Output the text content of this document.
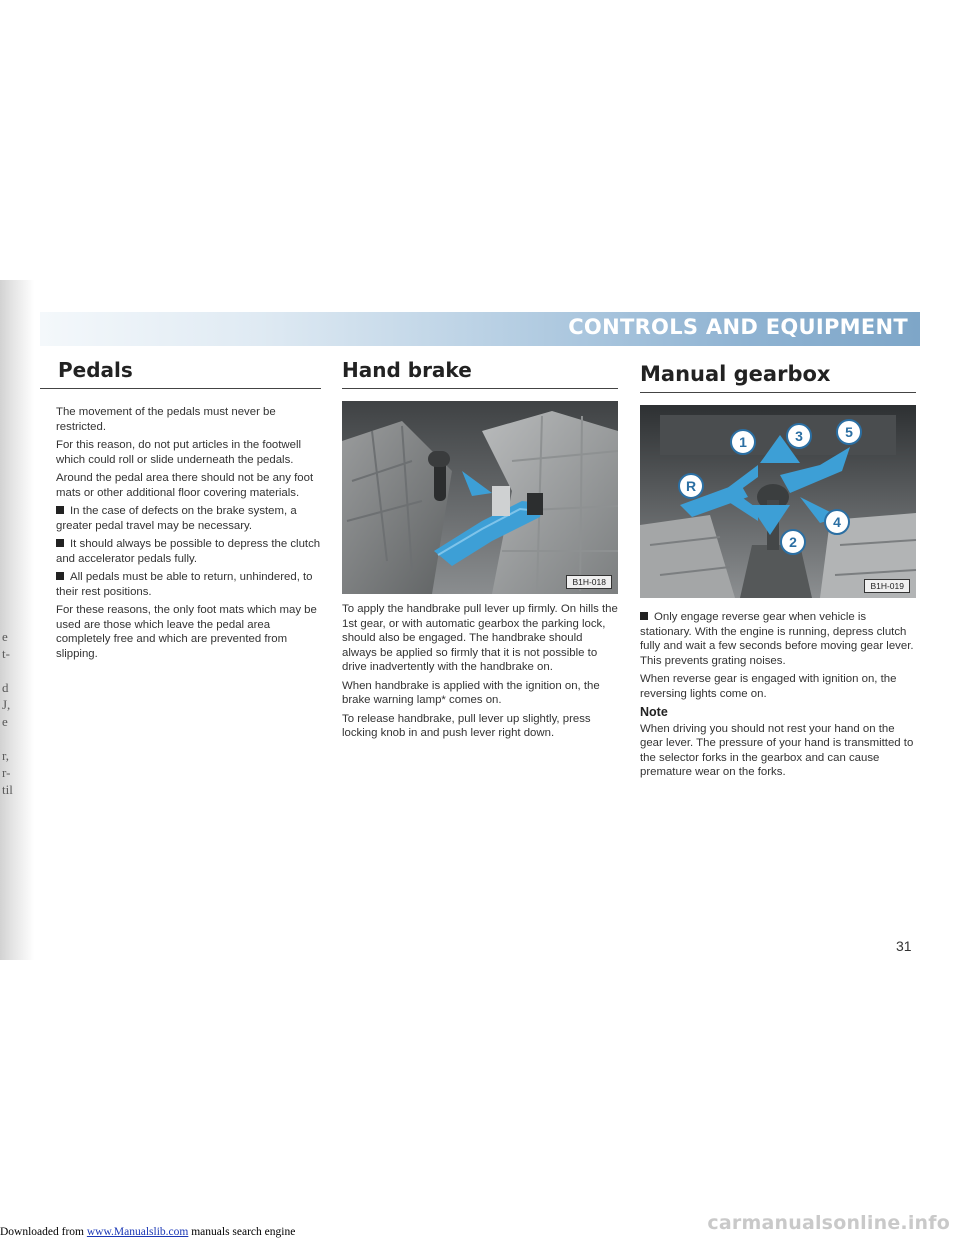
Downloaded from www.Manualslib.com manuals search engine
e
t-

d
J,
e

r,
r-
til
CONTROLS AND EQUIPMENT
Pedals

The movement of the pedals must never be restricted.

For this reason, do not put articles in the footwell which could roll or slide underneath the pedals.

Around the pedal area there should not be any foot mats or other additional floor covering materials.

In the case of defects on the brake system, a greater pedal travel may be necessary.

It should always be possible to depress the clutch and accelerator pedals fully.

All pedals must be able to return, unhindered, to their rest positions.

For these reasons, the only foot mats which may be used are those which leave the pedal area completely free and which are prevented from slipping.

Hand brake
B1H-018

To apply the handbrake pull lever up firmly. On hills the 1st gear, or with automatic gearbox the parking lock, should also be engaged. The handbrake should always be applied so firmly that it is not possible to drive inadvertently with the handbrake on.

When handbrake is applied with the ignition on, the brake warning lamp* comes on.

To release handbrake, pull lever up slightly, press locking knob in and push lever right down.

Manual gearbox
1	3	5
R
2
4
B1H-019

Only engage reverse gear when vehicle is stationary. With the engine is running, depress clutch fully and wait a few seconds before moving gear lever. This prevents grating noises.

When reverse gear is engaged with ignition on, the reversing lights come on.

Note

When driving you should not rest your hand on the gear lever. The pressure of your hand is transmitted to the selector forks in the gearbox and can cause premature wear on the forks.

31
carmanualsonline.info
